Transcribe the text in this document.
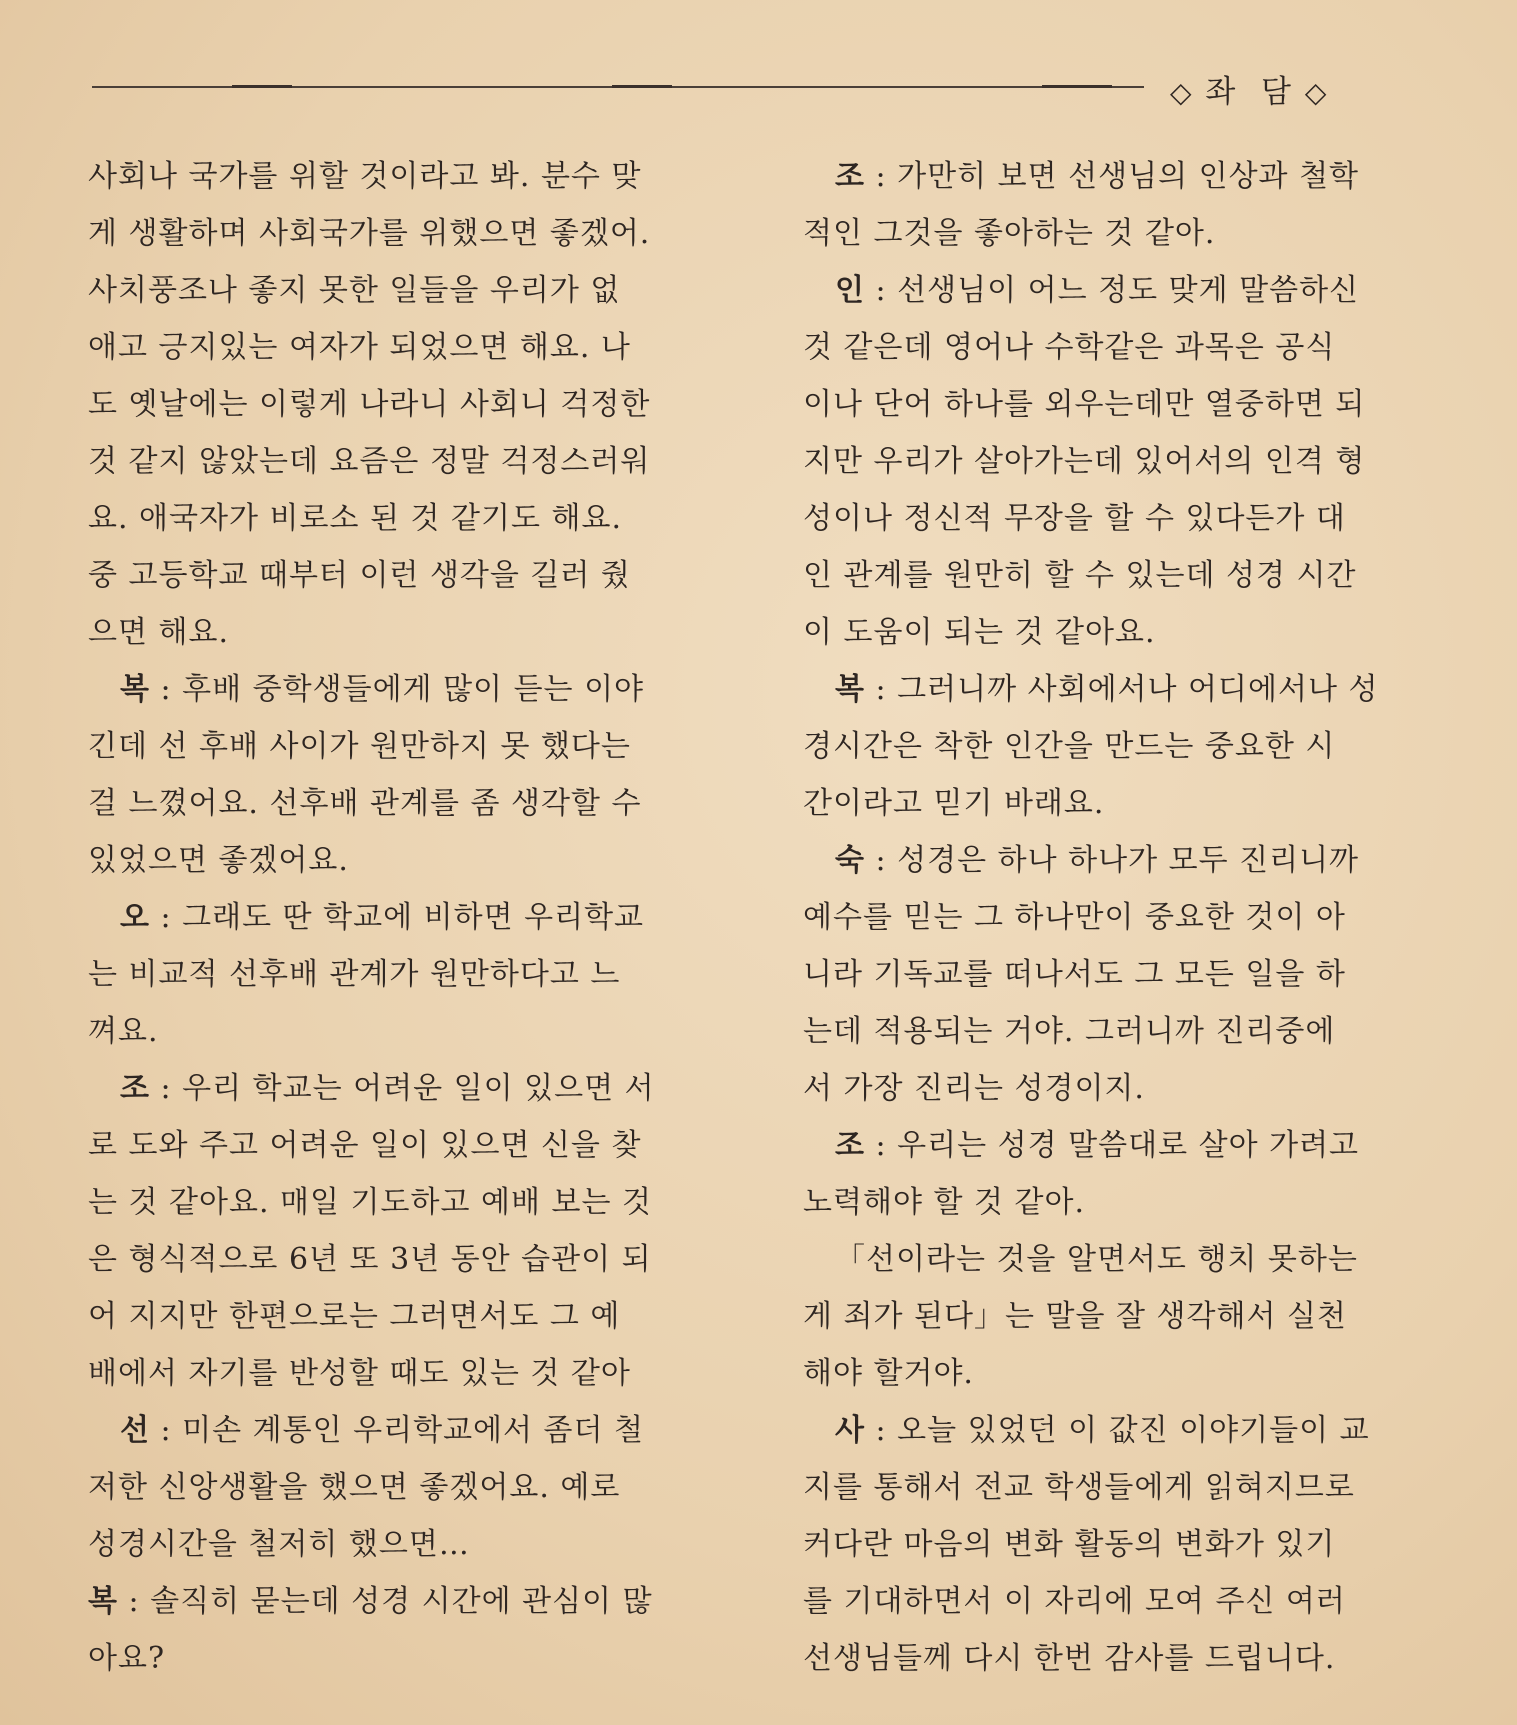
◇ 좌  담 ◇
사회나 국가를 위할 것이라고 봐. 분수 맞
게 생활하며 사회국가를 위했으면 좋겠어.
사치풍조나 좋지 못한 일들을 우리가 없
애고 긍지있는 여자가 되었으면 해요. 나
도 옛날에는 이렇게 나라니 사회니 걱정한
것 같지 않았는데 요즘은 정말 걱정스러워
요. 애국자가 비로소 된 것 같기도 해요.
중 고등학교 때부터 이런 생각을 길러 줬
으면 해요.
복 : 후배 중학생들에게 많이 듣는 이야
긴데 선 후배 사이가 원만하지 못 했다는
걸 느꼈어요. 선후배 관계를 좀 생각할 수
있었으면 좋겠어요.
오 : 그래도 딴 학교에 비하면 우리학교
는 비교적 선후배 관계가 원만하다고 느
껴요.
조 : 우리 학교는 어려운 일이 있으면 서
로 도와 주고 어려운 일이 있으면 신을 찾
는 것 같아요. 매일 기도하고 예배 보는 것
은 형식적으로 6년 또 3년 동안 습관이 되
어 지지만 한편으로는 그러면서도 그 예
배에서 자기를 반성할 때도 있는 것 같아
선 : 미손 계통인 우리학교에서 좀더 철
저한 신앙생활을 했으면 좋겠어요. 예로
성경시간을 철저히 했으면…
복 : 솔직히 묻는데 성경 시간에 관심이 많
아요?
조 : 가만히 보면 선생님의 인상과 철학
적인 그것을 좋아하는 것 같아.
인 : 선생님이 어느 정도 맞게 말씀하신
것 같은데 영어나 수학같은 과목은 공식
이나 단어 하나를 외우는데만 열중하면 되
지만 우리가 살아가는데 있어서의 인격 형
성이나 정신적 무장을 할 수 있다든가 대
인 관계를 원만히 할 수 있는데 성경 시간
이 도움이 되는 것 같아요.
복 : 그러니까 사회에서나 어디에서나 성
경시간은 착한 인간을 만드는 중요한 시
간이라고 믿기 바래요.
숙 : 성경은 하나 하나가 모두 진리니까
예수를 믿는 그 하나만이 중요한 것이 아
니라 기독교를 떠나서도 그 모든 일을 하
는데 적용되는 거야. 그러니까 진리중에
서 가장 진리는 성경이지.
조 : 우리는 성경 말씀대로 살아 가려고
노력해야 할 것 같아.
「선이라는 것을 알면서도 행치 못하는
게 죄가 된다」는 말을 잘 생각해서 실천
해야 할거야.
사 : 오늘 있었던 이 값진 이야기들이 교
지를 통해서 전교 학생들에게 읽혀지므로
커다란 마음의 변화 활동의 변화가 있기
를 기대하면서 이 자리에 모여 주신 여러
선생님들께 다시 한번 감사를 드립니다.
